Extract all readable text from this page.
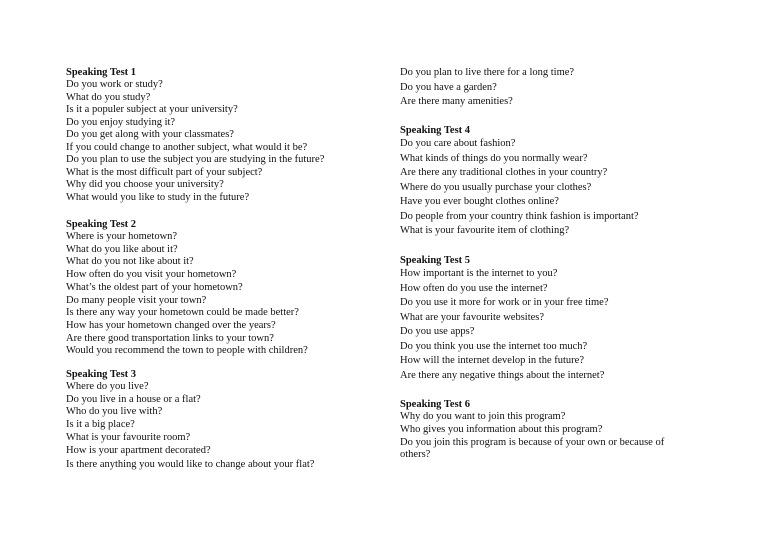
Speaking Test 1
Do you work or study?
What do you study?
Is it a populer subject at your university?
Do you enjoy studying it?
Do you get along with your classmates?
If you could change to another subject, what would it be?
Do you plan to use the subject you are studying in the future?
What is the most difficult part of your subject?
Why did you choose your university?
What would you like to study in the future?
Speaking Test 2
Where is your hometown?
What do you like about it?
What do you not like about it?
How often do you visit your hometown?
What’s the oldest part of your hometown?
Do many people visit your town?
Is there any way your hometown could be made better?
How has your hometown changed over the years?
Are there good transportation links to your town?
Would you recommend the town to people with children?
Speaking Test 3
Where do you live?
Do you live in a house or a flat?
Who do you live with?
Is it a big place?
What is your favourite room?
How is your apartment decorated?
Is there anything you would like to change about your flat?
Do you plan to live there for a long time?
Do you have a garden?
Are there many amenities?
Speaking Test 4
Do you care about fashion?
What kinds of things do you normally wear?
Are there any traditional clothes in your country?
Where do you usually purchase your clothes?
Have you ever bought clothes online?
Do people from your country think fashion is important?
What is your favourite item of clothing?
Speaking Test 5
How important is the internet to you?
How often do you use the internet?
Do you use it more for work or in your free time?
What are your favourite websites?
Do you use apps?
Do you think you use the internet too much?
How will the internet develop in the future?
Are there any negative things about the internet?
Speaking Test 6
Why do you want to join this program?
Who gives you information about this program?
Do you join this program is because of your own or because of others?
